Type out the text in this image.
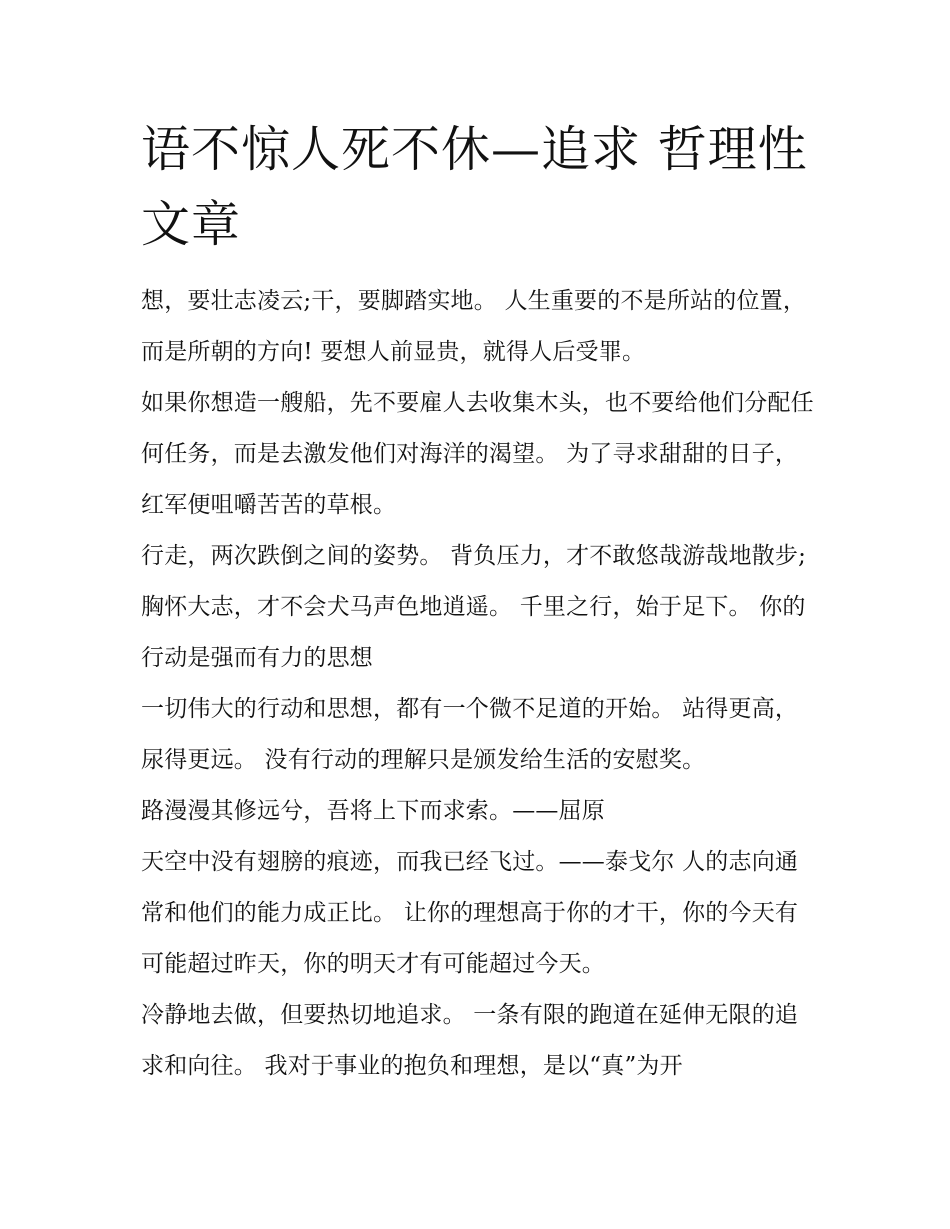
语不惊人死不休—追求 哲理性文章

想，要壮志凌云;干，要脚踏实地。 人生重要的不是所站的位置，而是所朝的方向! 要想人前显贵，就得人后受罪。

如果你想造一艘船，先不要雇人去收集木头，也不要给他们分配任何任务，而是去激发他们对海洋的渴望。 为了寻求甜甜的日子，红军便咀嚼苦苦的草根。

行走，两次跌倒之间的姿势。 背负压力，才不敢悠哉游哉地散步;胸怀大志，才不会犬马声色地逍遥。 千里之行，始于足下。 你的行动是强而有力的思想

一切伟大的行动和思想，都有一个微不足道的开始。 站得更高，尿得更远。 没有行动的理解只是颁发给生活的安慰奖。

路漫漫其修远兮，吾将上下而求索。——屈原

天空中没有翅膀的痕迹，而我已经飞过。——泰戈尔 人的志向通常和他们的能力成正比。 让你的理想高于你的才干，你的今天有可能超过昨天，你的明天才有可能超过今天。

冷静地去做，但要热切地追求。 一条有限的跑道在延伸无限的追求和向往。 我对于事业的抱负和理想，是以“真”为开
